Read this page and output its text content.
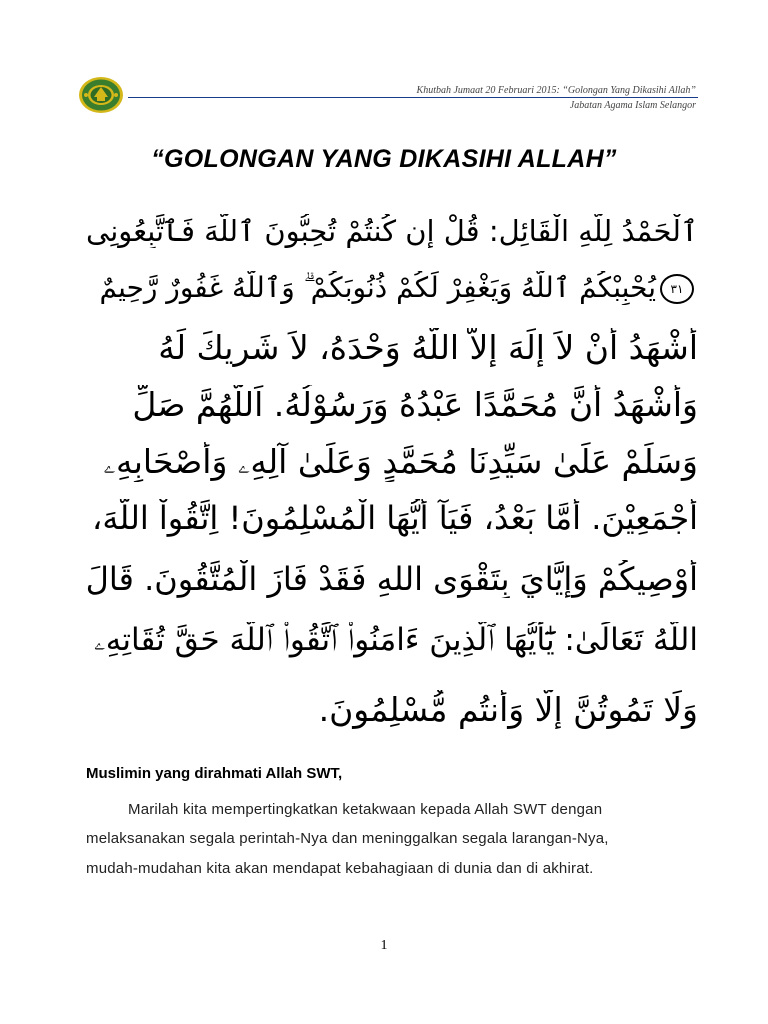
Khutbah Jumaat 20 Februari 2015: “Golongan Yang Dikasihi Allah”
Jabatan Agama Islam Selangor
“GOLONGAN YANG DIKASIHI ALLAH”
ٱلْحَمْدُ لِلَّهِ الْقَائِلِ: قُلْ إِن كُنتُمْ تُحِبُّونَ ٱللَّهَ فَٱتَّبِعُونِى
٣١يُحْبِبْكُمُ ٱللَّهُ وَيَغْفِرْ لَكُمْ ذُنُوبَكُمْ ۗ وَٱللَّهُ غَفُورٌ رَّحِيمٌ
أَشْهَدُ أَنْ لاَ إِلَهَ إِلاَّ اللَّهُ وَحْدَهُ، لاَ شَرِيكَ لَهُ
وَأَشْهَدُ أَنَّ مُحَمَّدًا عَبْدُهُ وَرَسُوْلُهُ. اَللَّهُمَّ صَلِّ
وَسَلِّمْ عَلَىٰ سَيِّدِنَا مُحَمَّدٍ وَعَلَىٰ آلِهِۦ وَأَصْحَابِهِۦ
أَجْمَعِيْنَ. أَمَّا بَعْدُ، فَيَآ أَيُّهَا الْمُسْلِمُونَ! اِتَّقُواْ اللَّهَ،
أُوْصِيكُمْ وَإِيَّايَ بِتَقْوَى اللهِ فَقَدْ فَازَ الْمُتَّقُونَ. قَالَ
اللَّهُ تَعَالَىٰ: يَٰٓأَيُّهَا ٱلَّذِينَ ءَامَنُوا۟ ٱتَّقُوا۟ ٱللَّهَ حَقَّ تُقَاتِهِۦ
وَلَا تَمُوتُنَّ إِلَّا وَأَنتُم مُّسْلِمُونَ.
Muslimin yang dirahmati Allah SWT,
Marilah kita mempertingkatkan ketakwaan kepada Allah SWT dengan
melaksanakan segala perintah-Nya dan meninggalkan segala larangan-Nya,
mudah-mudahan kita akan mendapat kebahagiaan di dunia dan di akhirat.
1
